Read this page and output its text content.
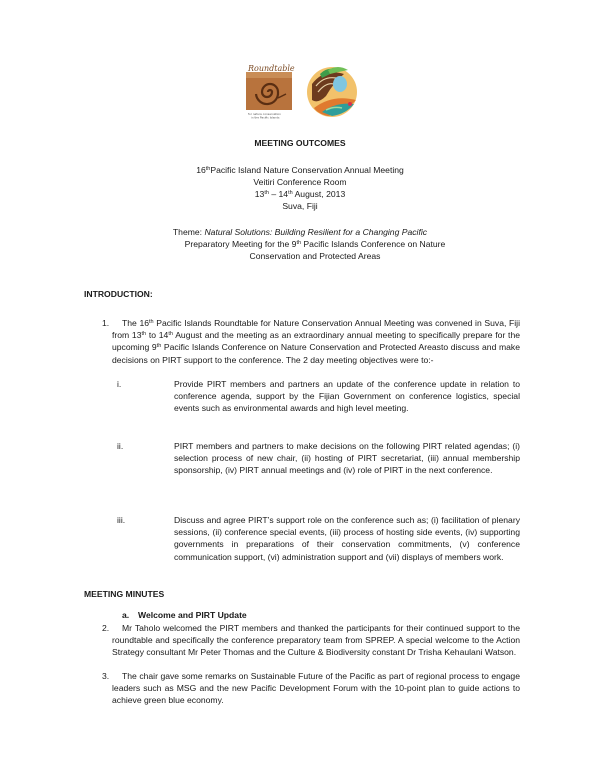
Roundtable
for nature conservation
in the Pacific Islands
MEETING OUTCOMES
16thPacific Island Nature Conservation Annual Meeting
Veitiri Conference Room
13th – 14th August, 2013
Suva, Fiji
Theme: Natural Solutions: Building Resilient for a Changing Pacific
Preparatory Meeting for the 9th Pacific Islands Conference on Nature Conservation and Protected Areas
INTRODUCTION:
1. The 16th Pacific Islands Roundtable for Nature Conservation Annual Meeting was convened in Suva, Fiji from 13th to 14th August and the meeting as an extraordinary annual meeting to specifically prepare for the upcoming 9th Pacific Islands Conference on Nature Conservation and Protected Areasto discuss and make decisions on PIRT support to the conference. The 2 day meeting objectives were to:-
i.	Provide PIRT members and partners an update of the conference update in relation to conference agenda, support by the Fijian Government on conference logistics, special events such as environmental awards and high level meeting.
ii.	PIRT members and partners to make decisions on the following PIRT related agendas; (i) selection process of new chair, (ii) hosting of PIRT secretariat, (iii) annual membership sponsorship, (iv) PIRT annual meetings and (iv) role of PIRT in the next conference.
iii.	Discuss and agree PIRT’s support role on the conference such as; (i) facilitation of plenary sessions, (ii) conference special events, (iii) process of hosting side events, (iv) supporting governments in preparations of their conservation commitments, (v) conference communication support, (vi) administration support and (vii) displays of members work.
MEETING MINUTES
a. Welcome and PIRT Update
2. Mr Taholo welcomed the PIRT members and thanked the participants for their continued support to the roundtable and specifically the conference preparatory team from SPREP. A special welcome to the Action Strategy consultant Mr Peter Thomas and the Culture & Biodiversity constant Dr Trisha Kehaulani Watson.
3. The chair gave some remarks on Sustainable Future of the Pacific as part of regional process to engage leaders such as MSG and the new Pacific Development Forum with the 10-point plan to guide actions to achieve green blue economy.
